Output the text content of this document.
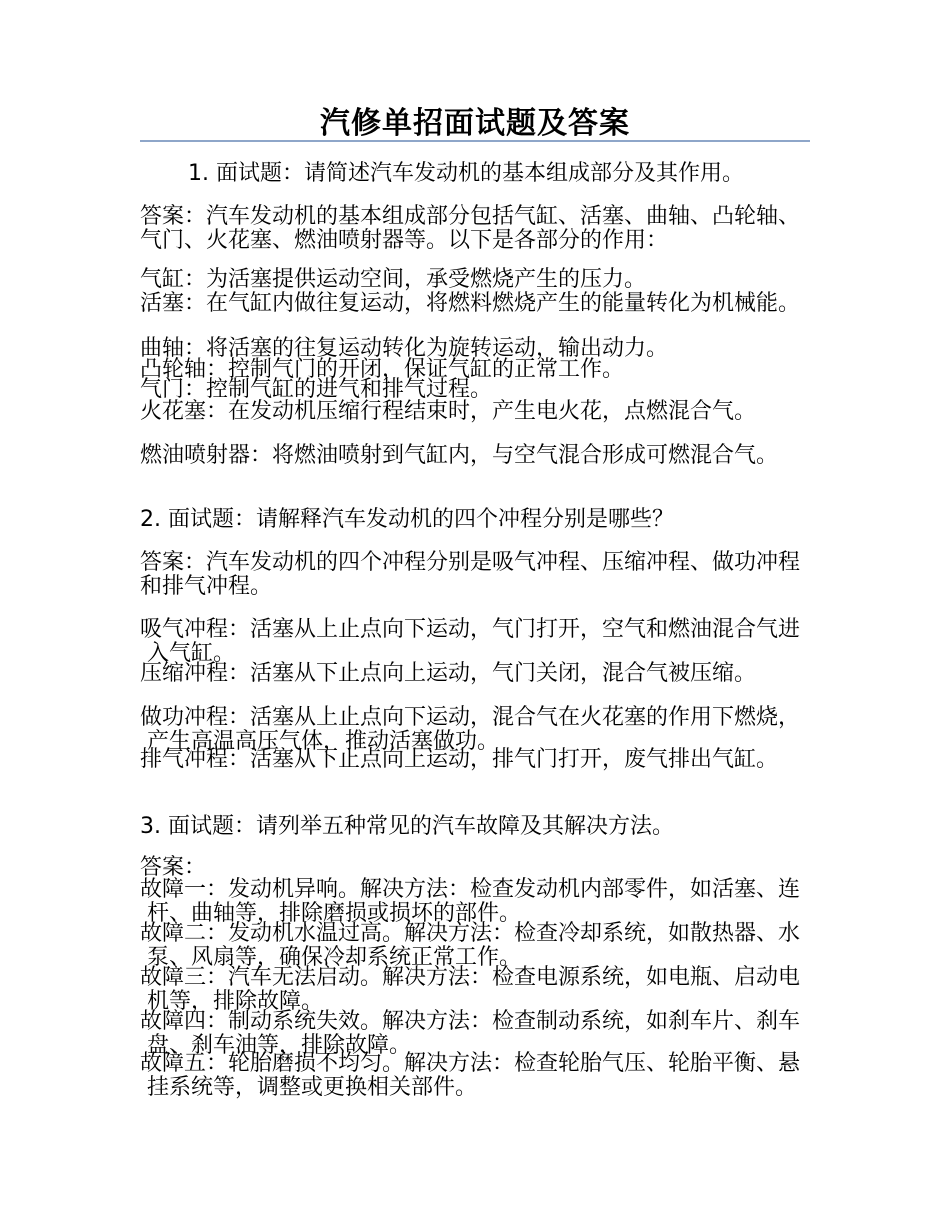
汽修单招面试题及答案
1. 面试题：请简述汽车发动机的基本组成部分及其作用。
答案：汽车发动机的基本组成部分包括气缸、活塞、曲轴、凸轮轴、气门、火花塞、燃油喷射器等。以下是各部分的作用：
气缸：为活塞提供运动空间，承受燃烧产生的压力。
活塞：在气缸内做往复运动，将燃料燃烧产生的能量转化为机械能。
曲轴：将活塞的往复运动转化为旋转运动，输出动力。
凸轮轴：控制气门的开闭，保证气缸的正常工作。
气门：控制气缸的进气和排气过程。
火花塞：在发动机压缩行程结束时，产生电火花，点燃混合气。
燃油喷射器：将燃油喷射到气缸内，与空气混合形成可燃混合气。
2. 面试题：请解释汽车发动机的四个冲程分别是哪些？
答案：汽车发动机的四个冲程分别是吸气冲程、压缩冲程、做功冲程和排气冲程。
吸气冲程：活塞从上止点向下运动，气门打开，空气和燃油混合气进入气缸。
压缩冲程：活塞从下止点向上运动，气门关闭，混合气被压缩。
做功冲程：活塞从上止点向下运动，混合气在火花塞的作用下燃烧，产生高温高压气体，推动活塞做功。
排气冲程：活塞从下止点向上运动，排气门打开，废气排出气缸。
3. 面试题：请列举五种常见的汽车故障及其解决方法。
答案：
故障一：发动机异响。解决方法：检查发动机内部零件，如活塞、连杆、曲轴等，排除磨损或损坏的部件。
故障二：发动机水温过高。解决方法：检查冷却系统，如散热器、水泵、风扇等，确保冷却系统正常工作。
故障三：汽车无法启动。解决方法：检查电源系统，如电瓶、启动电机等，排除故障。
故障四：制动系统失效。解决方法：检查制动系统，如刹车片、刹车盘、刹车油等，排除故障。
故障五：轮胎磨损不均匀。解决方法：检查轮胎气压、轮胎平衡、悬挂系统等，调整或更换相关部件。
